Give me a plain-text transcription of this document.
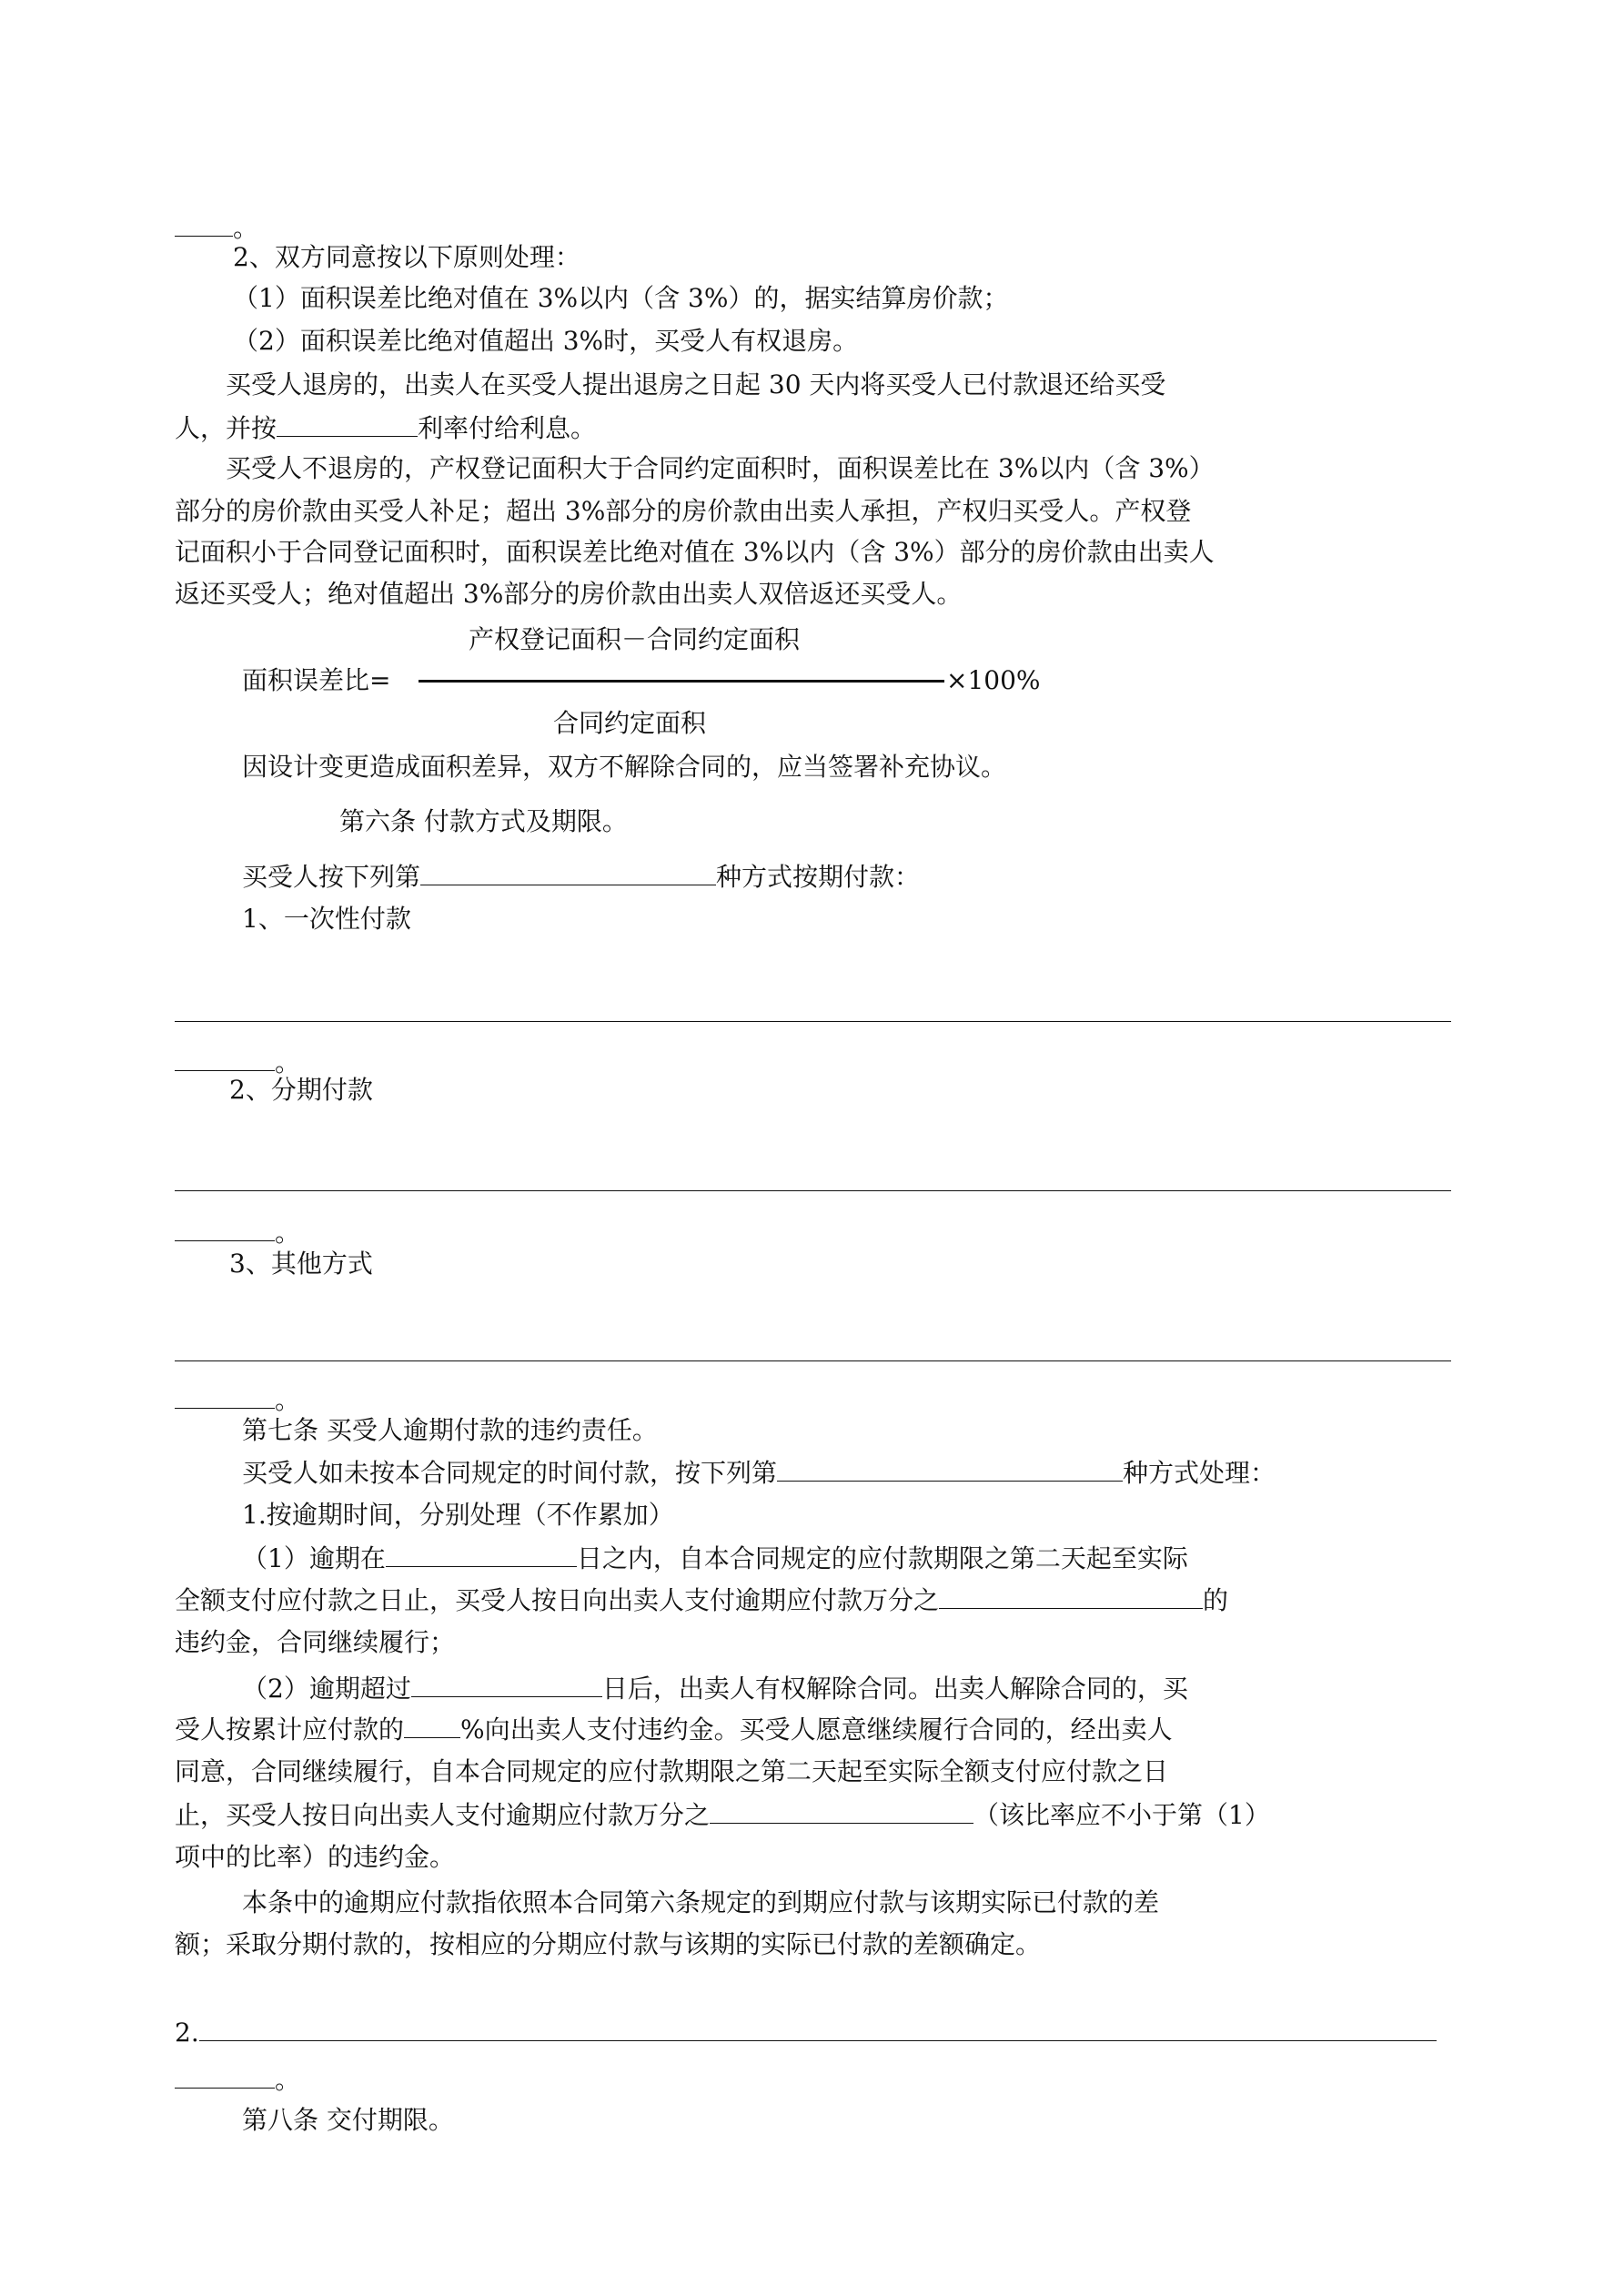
。
2、双方同意按以下原则处理：
（1）面积误差比绝对值在 3%以内（含 3%）的，据实结算房价款；
（2）面积误差比绝对值超出 3%时，买受人有权退房。
买受人退房的，出卖人在买受人提出退房之日起 30 天内将买受人已付款退还给买受
人，并按	利率付给利息。
买受人不退房的，产权登记面积大于合同约定面积时，面积误差比在 3%以内（含 3%）
部分的房价款由买受人补足；超出 3%部分的房价款由出卖人承担，产权归买受人。产权登
记面积小于合同登记面积时，面积误差比绝对值在 3%以内（含 3%）部分的房价款由出卖人
返还买受人；绝对值超出 3%部分的房价款由出卖人双倍返还买受人。
产权登记面积－合同约定面积
面积误差比=	×100%
合同约定面积
因设计变更造成面积差异，双方不解除合同的，应当签署补充协议。
第六条 付款方式及期限。
买受人按下列第	种方式按期付款：
1、一次性付款
。
2、分期付款
。
3、其他方式
。
第七条 买受人逾期付款的违约责任。
买受人如未按本合同规定的时间付款，按下列第	种方式处理：
1.按逾期时间，分别处理（不作累加）
（1）逾期在	日之内，自本合同规定的应付款期限之第二天起至实际
全额支付应付款之日止，买受人按日向出卖人支付逾期应付款万分之	的
违约金，合同继续履行；
（2）逾期超过	日后，出卖人有权解除合同。出卖人解除合同的，买
受人按累计应付款的 %向出卖人支付违约金。买受人愿意继续履行合同的，经出卖人
同意，合同继续履行，自本合同规定的应付款期限之第二天起至实际全额支付应付款之日
止，买受人按日向出卖人支付逾期应付款万分之	（该比率应不小于第（1）
项中的比率）的违约金。
本条中的逾期应付款指依照本合同第六条规定的到期应付款与该期实际已付款的差
额；采取分期付款的，按相应的分期应付款与该期的实际已付款的差额确定。
2.
。
第八条 交付期限。
